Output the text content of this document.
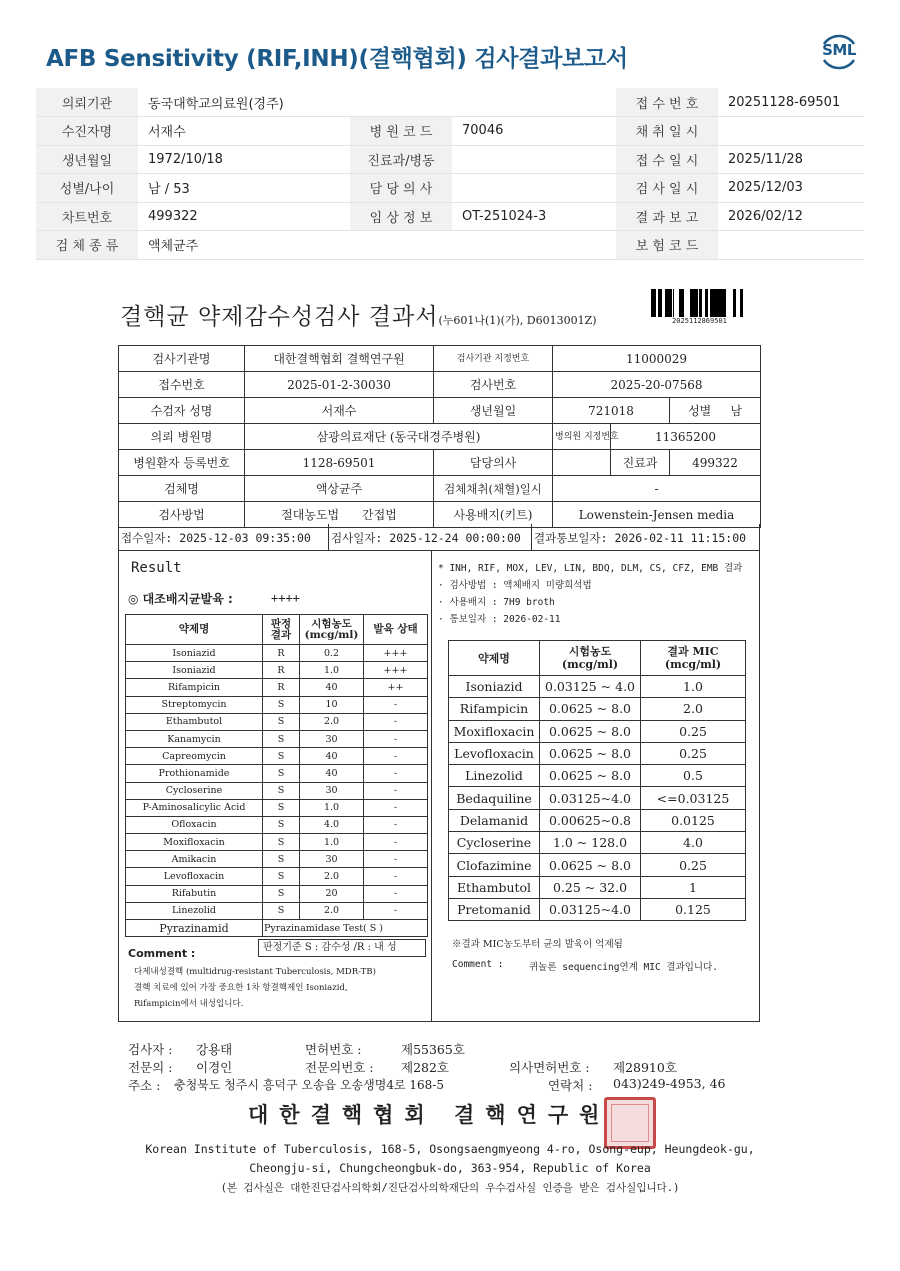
AFB Sensitivity (RIF,INH)(결핵협회) 검사결과보고서	SML
의뢰기관	동국대학교의료원(경주)			접 수 번 호	20251128-69501
수진자명	서재수	병 원 코 드	70046	채 취 일 시	
생년월일	1972/10/18	진료과/병동		접 수 일 시	2025/11/28
성별/나이	남 / 53	담 당 의 사		검 사 일 시	2025/12/03
차트번호	499322	임 상 정 보	OT-251024-3	결 과 보 고	2026/02/12
검 체 종 류	액체균주			보 험 코 드	
결핵균 약제감수성검사 결과서(누601나(1)(가), D6013001Z)	2025112869501
검사기관명	대한결핵협회 결핵연구원	검사기관 지정번호	11000029		
접수번호	2025-01-2-30030	검사번호	2025-20-07568		
수검자 성명	서재수	생년월일	721018		성별 남
의뢰 병원명	삼광의료재단 (동국대경주병원)		병의원 지정번호	11365200	
병원환자 등록번호	1128-69501	담당의사		진료과	499322
검체명	액상균주	검체채취(채혈)일시	-		
검사방법	절대농도법 간접법	사용배지(키트)	Lowenstein-Jensen media		
접수일자: 2025-12-03 09:35:00 검사일자: 2025-12-24 00:00:00 결과통보일자: 2026-02-11 11:15:00
Result
◎ 대조배지균발육 :	++++
약제명	판정 결과	시험농도 (mcg/ml)	발육 상태
Isoniazid	R	0.2	+++
Isoniazid	R	1.0	+++
Rifampicin	R	40	++
Streptomycin	S	10	-
Ethambutol	S	2.0	-
Kanamycin	S	30	-
Capreomycin	S	40	-
Prothionamide	S	40	-
Cycloserine	S	30	-
P-Aminosalicylic Acid	S	1.0	-
Ofloxacin	S	4.0	-
Moxifloxacin	S	1.0	-
Amikacin	S	30	-
Levofloxacin	S	2.0	-
Rifabutin	S	20	-
Linezolid	S	2.0	-
Pyrazinamid	Pyrazinamidase Test( S )		
Comment :	판정기준 S : 감수성 /R : 내 성
다제내성결핵 (multidrug-resistant Tuberculosis, MDR-TB)
결핵 치료에 있어 가장 중요한 1차 항결핵제인 Isoniazid,
Rifampicin에서 내성입니다.
* INH, RIF, MOX, LEV, LIN, BDQ, DLM, CS, CFZ, EMB 결과
· 검사방법 : 액체배지 미량희석법
· 사용배지 : 7H9 broth
· 통보일자 : 2026-02-11
약제명	시험농도 (mcg/ml)	결과 MIC (mcg/ml)
Isoniazid	0.03125 ~ 4.0	1.0
Rifampicin	0.0625 ~ 8.0	2.0
Moxifloxacin	0.0625 ~ 8.0	0.25
Levofloxacin	0.0625 ~ 8.0	0.25
Linezolid	0.0625 ~ 8.0	0.5
Bedaquiline	0.03125~4.0	<=0.03125
Delamanid	0.00625~0.8	0.0125
Cycloserine	1.0 ~ 128.0	4.0
Clofazimine	0.0625 ~ 8.0	0.25
Ethambutol	0.25 ~ 32.0	1
Pretomanid	0.03125~4.0	0.125
※결과 MIC농도부터 균의 발육이 억제됨
Comment :	퀴놀론 sequencing연계 MIC 결과입니다.
검사자 : 강용태	면허번호 :	제55365호
전문의 : 이경인	전문의번호 : 제282호	의사면허번호 : 제28910호
주소 : 충청북도 청주시 흥덕구 오송읍 오송생명4로 168-5	연락처 : 043)249-4953, 46
대한결핵협회 결핵연구원
Korean Institute of Tuberculosis, 168-5, Osongsaengmyeong 4-ro, Osong-eup, Heungdeok-gu,
Cheongju-si, Chungcheongbuk-do, 363-954, Republic of Korea
(본 검사실은 대한진단검사의학회/진단검사의학재단의 우수검사실 인증을 받은 검사실입니다.)
